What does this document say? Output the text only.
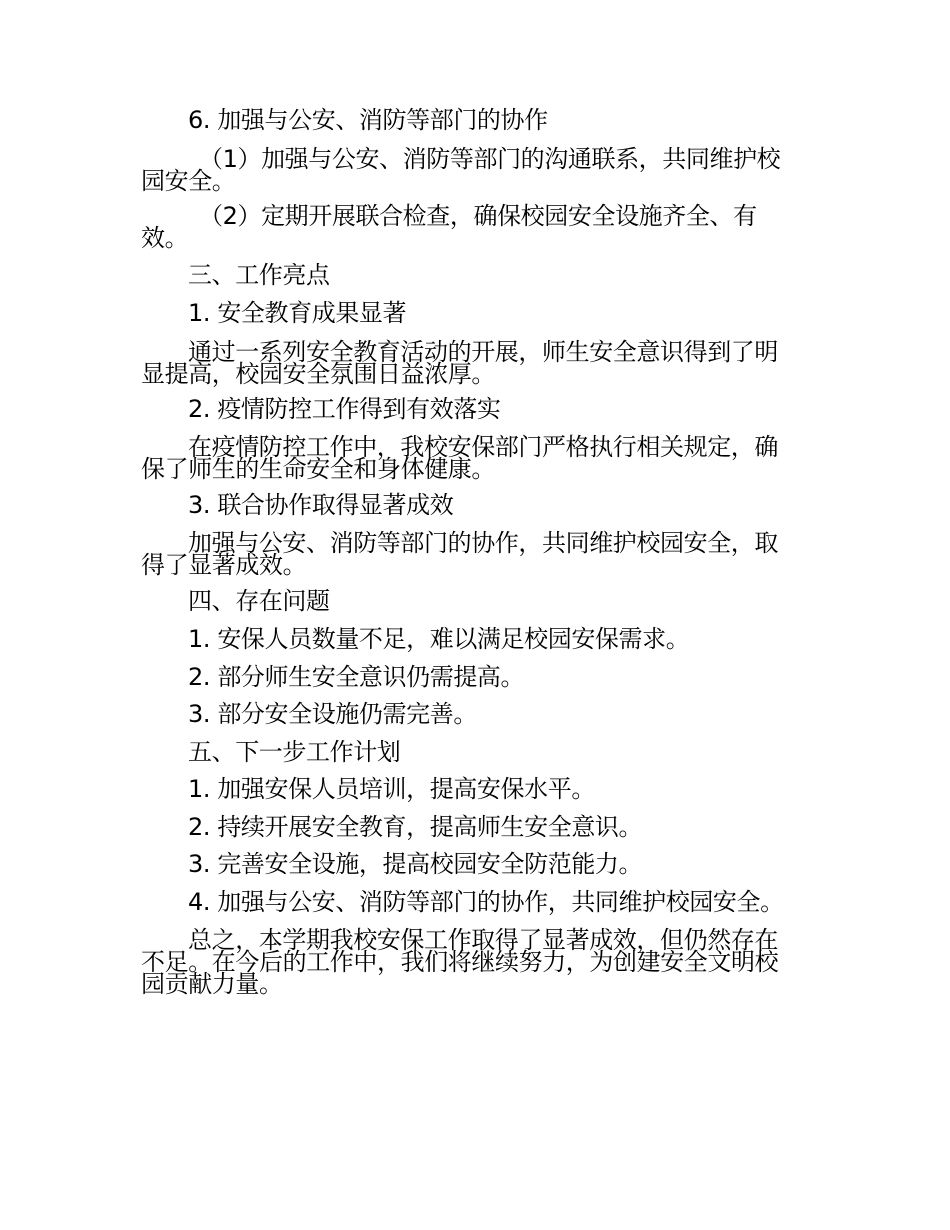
6. 加强与公安、消防等部门的协作
（1）加强与公安、消防等部门的沟通联系，共同维护校
园安全。
（2）定期开展联合检查，确保校园安全设施齐全、有
效。
三、工作亮点
1. 安全教育成果显著
通过一系列安全教育活动的开展，师生安全意识得到了明
显提高，校园安全氛围日益浓厚。
2. 疫情防控工作得到有效落实
在疫情防控工作中，我校安保部门严格执行相关规定，确
保了师生的生命安全和身体健康。
3. 联合协作取得显著成效
加强与公安、消防等部门的协作，共同维护校园安全，取
得了显著成效。
四、存在问题
1. 安保人员数量不足，难以满足校园安保需求。
2. 部分师生安全意识仍需提高。
3. 部分安全设施仍需完善。
五、下一步工作计划
1. 加强安保人员培训，提高安保水平。
2. 持续开展安全教育，提高师生安全意识。
3. 完善安全设施，提高校园安全防范能力。
4. 加强与公安、消防等部门的协作，共同维护校园安全。
总之，本学期我校安保工作取得了显著成效，但仍然存在
不足。在今后的工作中，我们将继续努力，为创建安全文明校
园贡献力量。
